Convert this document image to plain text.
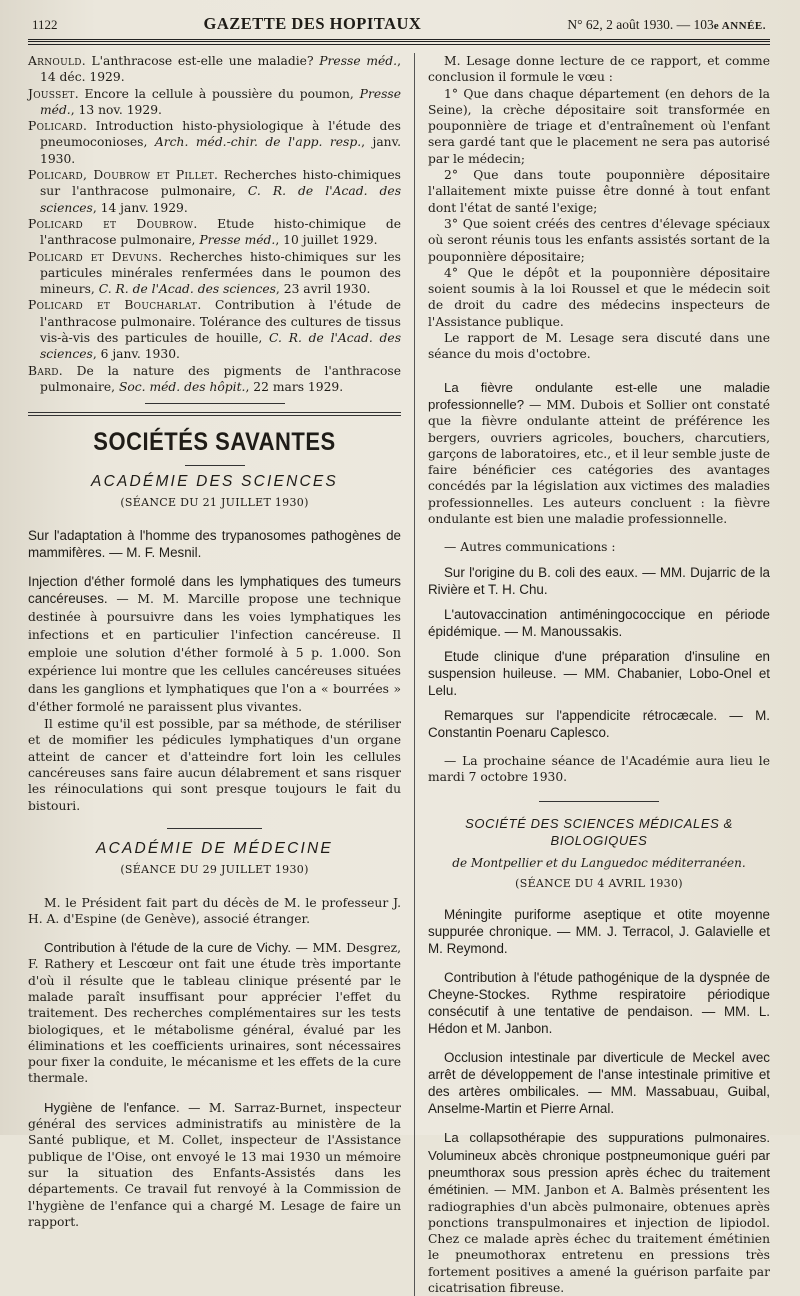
1122	GAZETTE DES HOPITAUX	N° 62, 2 août 1930. — 103e ANNÉE.

Arnould. L'anthracose est-elle une maladie? Presse méd., 14 déc. 1929.

Jousset. Encore la cellule à poussière du poumon, Presse méd., 13 nov. 1929.

Policard. Introduction histo-physiologique à l'étude des pneumoconioses, Arch. méd.-chir. de l'app. resp., janv. 1930.

Policard, Doubrow et Pillet. Recherches histo-chimiques sur l'anthracose pulmonaire, C. R. de l'Acad. des sciences, 14 janv. 1929.

Policard et Doubrow. Etude histo-chimique de l'anthracose pulmonaire, Presse méd., 10 juillet 1929.

Policard et Devuns. Recherches histo-chimiques sur les particules minérales renfermées dans le poumon des mineurs, C. R. de l'Acad. des sciences, 23 avril 1930.

Policard et Boucharlat. Contribution à l'étude de l'anthracose pulmonaire. Tolérance des cultures de tissus vis-à-vis des particules de houille, C. R. de l'Acad. des sciences, 6 janv. 1930.

Bard. De la nature des pigments de l'anthracose pulmonaire, Soc. méd. des hôpit., 22 mars 1929.

SOCIÉTÉS SAVANTES
ACADÉMIE DES SCIENCES
(SÉANCE DU 21 JUILLET 1930)

Sur l'adaptation à l'homme des trypanosomes pathogènes de mammifères. — M. F. Mesnil.

Injection d'éther formolé dans les lymphatiques des tumeurs cancéreuses. — M. M. Marcille propose une technique destinée à poursuivre dans les voies lymphatiques les infections et en particulier l'infection cancéreuse. Il emploie une solution d'éther formolé à 5 p. 1.000. Son expérience lui montre que les cellules cancéreuses situées dans les ganglions et lymphatiques que l'on a « bourrées » d'éther formolé ne paraissent plus vivantes.

Il estime qu'il est possible, par sa méthode, de stériliser et de momifier les pédicules lymphatiques d'un organe atteint de cancer et d'atteindre fort loin les cellules cancéreuses sans faire aucun délabrement et sans risquer les réinoculations qui sont presque toujours le fait du bistouri.

ACADÉMIE DE MÉDECINE
(SÉANCE DU 29 JUILLET 1930)

M. le Président fait part du décès de M. le professeur J. H. A. d'Espine (de Genève), associé étranger.

Contribution à l'étude de la cure de Vichy. — MM. Desgrez, F. Rathery et Lescœur ont fait une étude très importante d'où il résulte que le tableau clinique présenté par le malade paraît insuffisant pour apprécier l'effet du traitement. Des recherches complémentaires sur les tests biologiques, et le métabolisme général, évalué par les éliminations et les coefficients urinaires, sont nécessaires pour fixer la conduite, le mécanisme et les effets de la cure thermale.

Hygiène de l'enfance. — M. Sarraz-Burnet, inspecteur général des services administratifs au ministère de la Santé publique, et M. Collet, inspecteur de l'Assistance publique de l'Oise, ont envoyé le 13 mai 1930 un mémoire sur la situation des Enfants-Assistés dans les départements. Ce travail fut renvoyé à la Commission de l'hygiène de l'enfance qui a chargé M. Lesage de faire un rapport.

M. Lesage donne lecture de ce rapport, et comme conclusion il formule le vœu :

1° Que dans chaque département (en dehors de la Seine), la crèche dépositaire soit transformée en pouponnière de triage et d'entraînement où l'enfant sera gardé tant que le placement ne sera pas autorisé par le médecin;

2° Que dans toute pouponnière dépositaire l'allaitement mixte puisse être donné à tout enfant dont l'état de santé l'exige;

3° Que soient créés des centres d'élevage spéciaux où seront réunis tous les enfants assistés sortant de la pouponnière dépositaire;

4° Que le dépôt et la pouponnière dépositaire soient soumis à la loi Roussel et que le médecin soit de droit du cadre des médecins inspecteurs de l'Assistance publique.

Le rapport de M. Lesage sera discuté dans une séance du mois d'octobre.

La fièvre ondulante est-elle une maladie professionnelle? — MM. Dubois et Sollier ont constaté que la fièvre ondulante atteint de préférence les bergers, ouvriers agricoles, bouchers, charcutiers, garçons de laboratoires, etc., et il leur semble juste de faire bénéficier ces catégories des avantages concédés par la législation aux victimes des maladies professionnelles. Les auteurs concluent : la fièvre ondulante est bien une maladie professionnelle.

— Autres communications :

Sur l'origine du B. coli des eaux. — MM. Dujarric de la Rivière et T. H. Chu.

L'autovaccination antiméningococcique en période épidémique. — M. Manoussakis.

Etude clinique d'une préparation d'insuline en suspension huileuse. — MM. Chabanier, Lobo-Onel et Lelu.

Remarques sur l'appendicite rétrocæcale. — M. Constantin Poenaru Caplesco.

— La prochaine séance de l'Académie aura lieu le mardi 7 octobre 1930.

SOCIÉTÉ DES SCIENCES MÉDICALES & BIOLOGIQUES
de Montpellier et du Languedoc méditerranéen.
(SÉANCE DU 4 AVRIL 1930)

Méningite puriforme aseptique et otite moyenne suppurée chronique. — MM. J. Terracol, J. Galavielle et M. Reymond.

Contribution à l'étude pathogénique de la dyspnée de Cheyne-Stockes. Rythme respiratoire périodique consécutif à une tentative de pendaison. — MM. L. Hédon et M. Janbon.

Occlusion intestinale par diverticule de Meckel avec arrêt de développement de l'anse intestinale primitive et des artères ombilicales. — MM. Massabuau, Guibal, Anselme-Martin et Pierre Arnal.

La collapsothérapie des suppurations pulmonaires. Volumineux abcès chronique postpneumonique guéri par pneumthorax sous pression après échec du traitement émétinien. — MM. Janbon et A. Balmès présentent les radiographies d'un abcès pulmonaire, obtenues après ponctions transpulmonaires et injection de lipiodol. Chez ce malade après échec du traitement émétinien le pneumothorax entretenu en pressions très fortement positives a amené la guérison parfaite par cicatrisation fibreuse.
